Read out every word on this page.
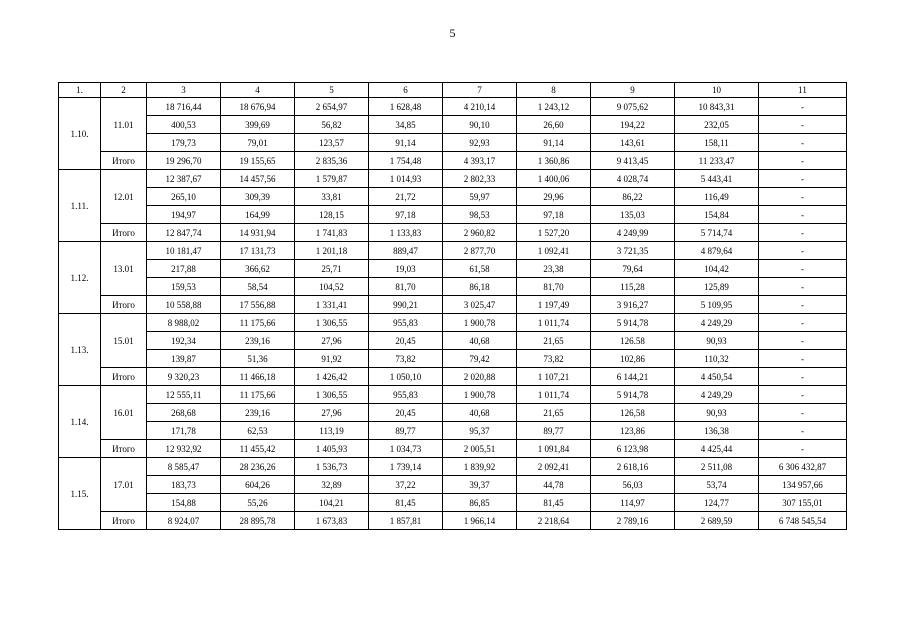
5
1.	2	3	4	5	6	7	8	9	10	11
1.10.	11.01	18 716,44	18 676,94	2 654,97	1 628,48	4 210,14	1 243,12	9 075,62	10 843,31	-
		400,53	399,69	56,82	34,85	90,10	26,60	194,22	232,05	-
		179,73	79,01	123,57	91,14	92,93	91,14	143,61	158,11	-
	Итого	19 296,70	19 155,65	2 835,36	1 754,48	4 393,17	1 360,86	9 413,45	11 233,47	-
1.11.	12.01	12 387,67	14 457,56	1 579,87	1 014,93	2 802,33	1 400,06	4 028,74	5 443,41	-
		265,10	309,39	33,81	21,72	59,97	29,96	86,22	116,49	-
		194,97	164,99	128,15	97,18	98,53	97,18	135,03	154,84	-
	Итого	12 847,74	14 931,94	1 741,83	1 133,83	2 960,82	1 527,20	4 249,99	5 714,74	-
1.12.	13.01	10 181,47	17 131,73	1 201,18	889,47	2 877,70	1 092,41	3 721,35	4 879,64	-
		217,88	366,62	25,71	19,03	61,58	23,38	79,64	104,42	-
		159,53	58,54	104,52	81,70	86,18	81,70	115,28	125,89	-
	Итого	10 558,88	17 556,88	1 331,41	990,21	3 025,47	1 197,49	3 916,27	5 109,95	-
1.13.	15.01	8 988,02	11 175,66	1 306,55	955,83	1 900,78	1 011,74	5 914,78	4 249,29	-
		192,34	239,16	27,96	20,45	40,68	21,65	126.58	90,93	-
		139,87	51,36	91,92	73,82	79,42	73,82	102,86	110,32	-
	Итого	9 320,23	11 466,18	1 426,42	1 050,10	2 020,88	1 107,21	6 144,21	4 450,54	-
1.14.	16.01	12 555,11	11 175,66	1 306,55	955,83	1 900,78	1 011,74	5 914,78	4 249,29	-
		268,68	239,16	27,96	20,45	40,68	21,65	126,58	90,93	-
		171,78	62,53	113,19	89,77	95,37	89,77	123,86	136,38	-
	Итого	12 932,92	11 455,42	1 405,93	1 034,73	2 005,51	1 091,84	6 123,98	4 425,44	-
1.15.	17.01	8 585,47	28 236,26	1 536,73	1 739,14	1 839,92	2 092,41	2 618,16	2 511,08	6 306 432,87
		183,73	604,26	32,89	37,22	39,37	44,78	56,03	53,74	134 957,66
		154,88	55,26	104,21	81,45	86,85	81,45	114,97	124,77	307 155,01
	Итого	8 924,07	28 895,78	1 673,83	1 857,81	1 966,14	2 218,64	2 789,16	2 689,59	6 748 545,54
